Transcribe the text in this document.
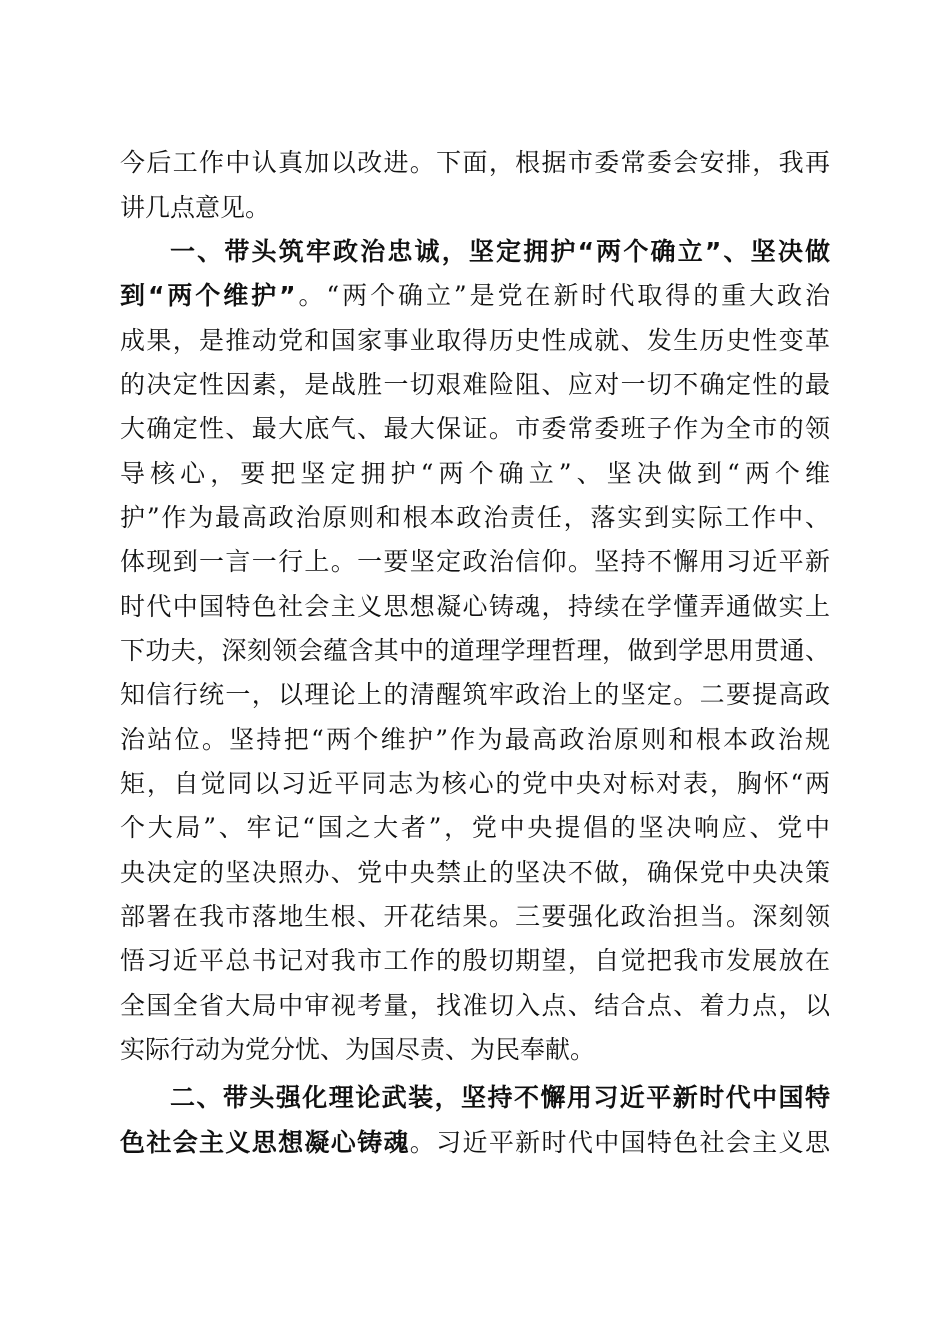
今后工作中认真加以改进。下面，根据市委常委会安排，我再
讲几点意见。
一、带头筑牢政治忠诚，坚定拥护“两个确立”、坚决做
到“两个维护”。“两个确立”是党在新时代取得的重大政治
成果，是推动党和国家事业取得历史性成就、发生历史性变革
的决定性因素，是战胜一切艰难险阻、应对一切不确定性的最
大确定性、最大底气、最大保证。市委常委班子作为全市的领
导核心，要把坚定拥护“两个确立”、坚决做到“两个维
护”作为最高政治原则和根本政治责任，落实到实际工作中、
体现到一言一行上。一要坚定政治信仰。坚持不懈用习近平新
时代中国特色社会主义思想凝心铸魂，持续在学懂弄通做实上
下功夫，深刻领会蕴含其中的道理学理哲理，做到学思用贯通、
知信行统一，以理论上的清醒筑牢政治上的坚定。二要提高政
治站位。坚持把“两个维护”作为最高政治原则和根本政治规
矩，自觉同以习近平同志为核心的党中央对标对表，胸怀“两
个大局”、牢记“国之大者”，党中央提倡的坚决响应、党中
央决定的坚决照办、党中央禁止的坚决不做，确保党中央决策
部署在我市落地生根、开花结果。三要强化政治担当。深刻领
悟习近平总书记对我市工作的殷切期望，自觉把我市发展放在
全国全省大局中审视考量，找准切入点、结合点、着力点，以
实际行动为党分忧、为国尽责、为民奉献。
二、带头强化理论武装，坚持不懈用习近平新时代中国特
色社会主义思想凝心铸魂。习近平新时代中国特色社会主义思
